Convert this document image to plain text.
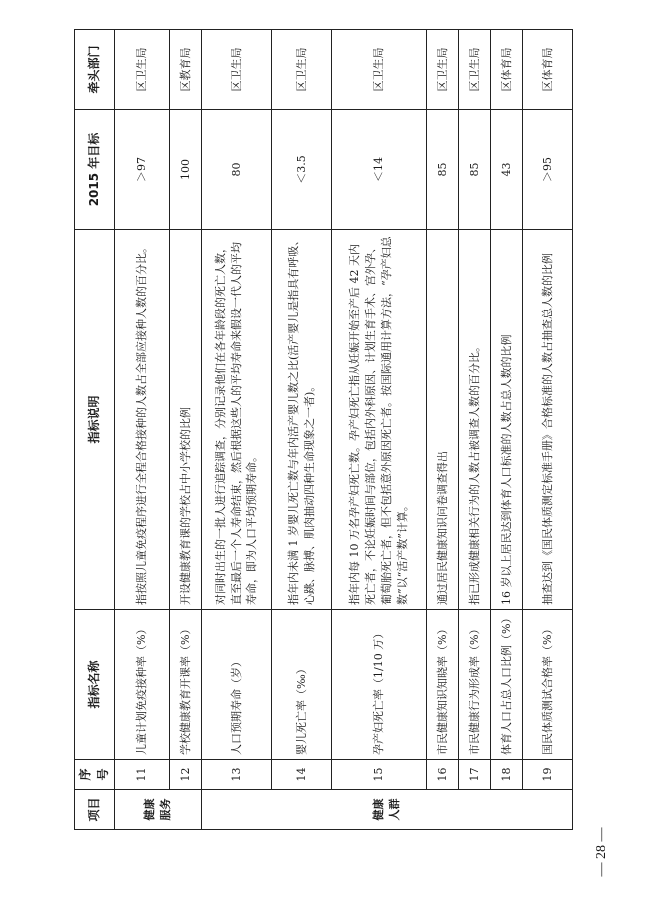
项目	序号	指标名称	指标说明	2015 年目标	牵头部门
健康服务	11	儿童计划免疫接种率（%）	指按照儿童免疫程序进行全程合格接种的人数占全部应接种人数的百分比。	＞97	区卫生局
	12	学校健康教育开课率（%）	开设健康教育课的学校占中小学校的比例	100	区教育局
健康人群	13	人口预期寿命（岁）	对同时出生的一批人进行追踪调查，分别记录他们在各年龄段的死亡人数，直至最后一个人寿命结束，然后根据这些人的平均寿命来假设一代人的平均寿命，即为人口平均预期寿命。	80	区卫生局
	14	婴儿死亡率（‰）	指年内未满 1 岁婴儿死亡数与年内活产婴儿数之比(活产婴儿是指具有呼吸、心跳、脉搏、肌肉抽动四种生命现象之一者)。	＜3.5	区卫生局
	15	孕产妇死亡率（1/10 万）	指年内每 10 万名孕产妇死亡数。孕产妇死亡指从妊娠开始至产后 42 天内死亡者，不论妊娠时间与部位，包括内外科原因、计划生育手术、宫外孕、葡萄胎死亡者，但不包括意外原因死亡者。按国际通用计算方法，“孕产妇总数”以“活产数”计算。	＜14	区卫生局
	16	市民健康知识知晓率（%）	通过居民健康知识问卷调查得出	85	区卫生局
	17	市民健康行为形成率（%）	指已形成健康相关行为的人数占被调查人数的百分比。	85	区卫生局
	18	体育人口占总人口比例（%）	16 岁以上居民达到体育人口标准的人数占总人数的比例	43	区体育局
	19	国民体质测试合格率（%）	抽查达到《国民体质测定标准手册》合格标准的人数占抽查总人数的比例	＞95	区体育局
— 28 —
